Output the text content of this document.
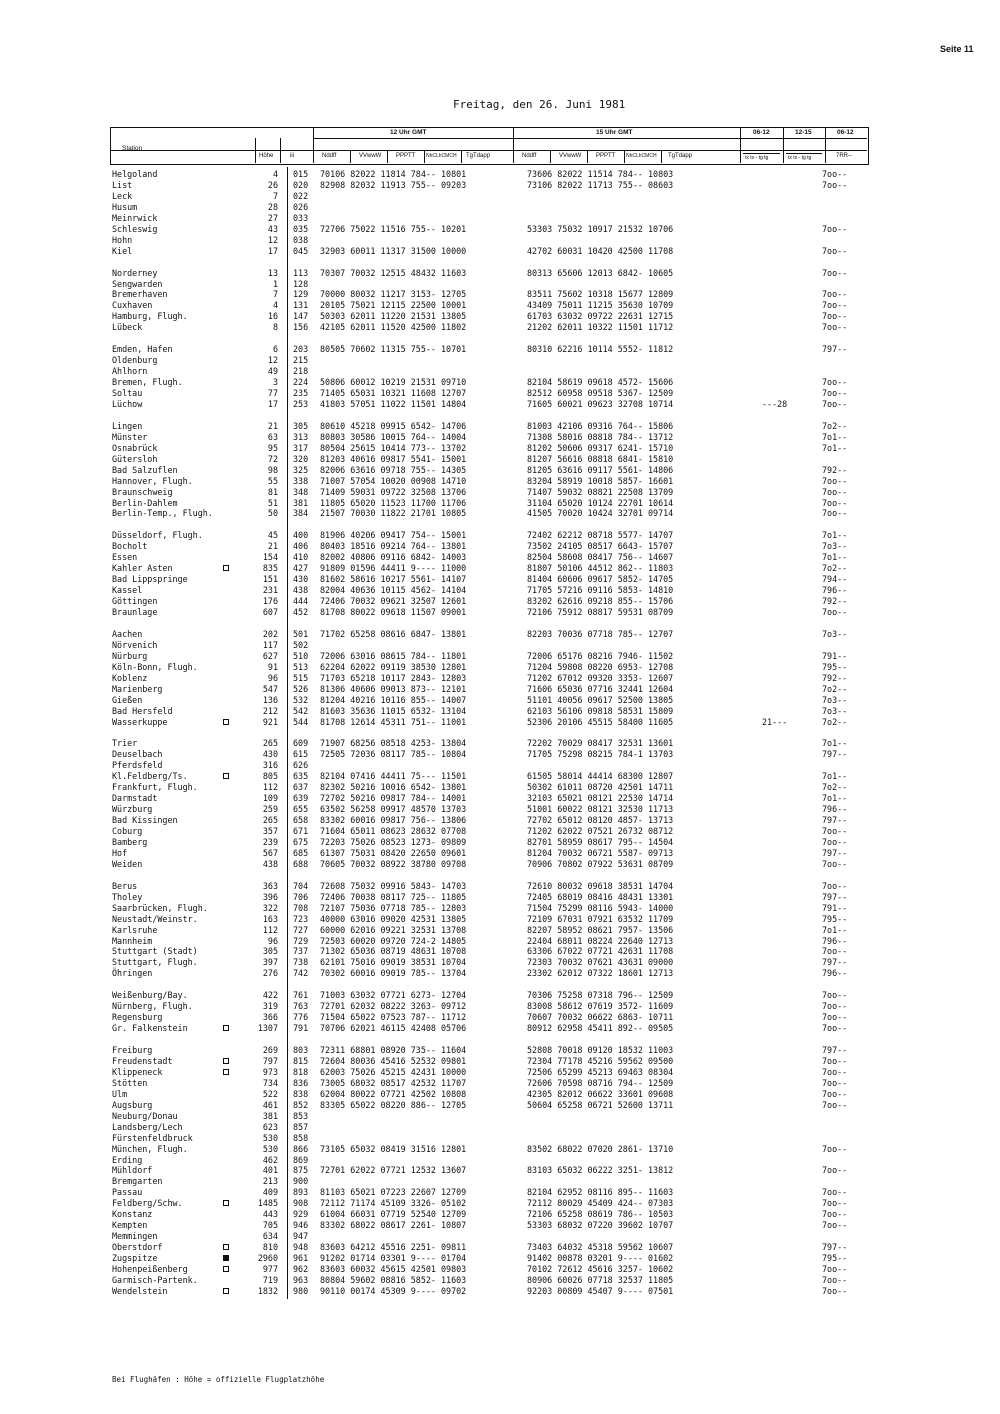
Seite 11
Freitag, den 26. Juni 1981
Station
Höhe	iii
12 Uhr GMT	15 Uhr GMT	06-12	12-15	06-12
Nddff	VVwwW PPPTT NhCLhCMCH TgTdapp	Nddff	VVwwW PPPTT NhCLhCMCH TgTdapp	tx tx - tg tg	tx tx - tg tg	7RR--
Helgoland	4 015 70106 82022 11814 784-- 10801	73606 82022 11514 784-- 10803	7oo--
List	26 020 82908 82032 11913 755-- 09203	73106 82022 11713 755-- 08603	7oo--
Leck	7 022
Husum	28 026
Meinrwick	27 033
Schleswig	43 035 72706 75022 11516 755-- 10201	53303 75032 10917 21532 10706	7oo--
Hohn	12 038
Kiel	17 045 32903 60011 11317 31500 10000	42702 60031 10420 42500 11708	7oo--
Norderney	13 113 70307 70032 12515 48432 11603	80313 65606 12013 6842- 10605	7oo--
Sengwarden	1 128
Bremerhaven	7 129 70000 80032 11217 3153- 12705	83511 75602 10318 15677 12809	7oo--
Cuxhaven	4 131 20105 75021 12115 22500 10001	43409 75011 11215 35630 10709	7oo--
Hamburg, Flugh.	16 147 50303 62011 11220 21531 13805	61703 63032 09722 22631 12715	7oo--
Lübeck	8 156 42105 62011 11520 42500 11802	21202 62011 10322 11501 11712	7oo--
Emden, Hafen	6 203 80505 70602 11315 755-- 10701	80310 62216 10114 5552- 11812	797--
Oldenburg	12 215
Ahlhorn	49 218
Bremen, Flugh.	3 224 50806 60012 10219 21531 09710	82104 58619 09618 4572- 15606	7oo--
Soltau	77 235 71405 65031 10321 11608 12707	82512 60958 09518 5367- 12509	7oo--
Lüchow	17 253 41803 57051 11022 11501 14804	71605 60021 09623 32708 10714	---28	7oo--
Lingen	21 305 80610 45218 09915 6542- 14706	81003 42106 09316 764-- 15806	7o2--
Münster	63 313 80803 30586 10015 764-- 14004	71308 58016 08818 784-- 13712	7o1--
Osnabrück	95 317 80504 25615 10414 773-- 13702	81202 50606 09317 6241- 15710	7o1--
Gütersloh	72 320 81203 40616 09817 5541- 15001	81207 56616 08818 6841- 15810
Bad Salzuflen	98 325 82006 63616 09718 755-- 14305	81205 63616 09117 5561- 14806	792--
Hannover, Flugh.	55 338 71007 57054 10020 00908 14710	83204 58919 10018 5857- 16601	7oo--
Braunschweig	81 348 71409 59031 09722 32508 13706	71407 59032 08821 22508 13709	7oo--
Berlin-Dahlem	51 381 11805 65020 11523 11700 11706	31104 65020 10124 22701 10614	7oo--
Berlin-Temp., Flugh.	50 384 21507 70030 11822 21701 10805	41505 70020 10424 32701 09714	7oo--
Düsseldorf, Flugh.	45 400 81906 40206 09417 754-- 15001	72402 62212 08718 5577- 14707	7o1--
Bocholt	21 406 80403 18516 09214 764-- 13801	73502 24105 08517 6643- 15707	7o3--
Essen	154 410 82002 40806 09116 6842- 14003	82504 58608 08417 756-- 14607	7o1--
Kahler Asten	835 427 91809 01596 44411 9---- 11000	81807 50106 44512 862-- 11803	7o2--
Bad Lippspringe	151 430 81602 58616 10217 5561- 14107	81404 60606 09617 5852- 14705	794--
Kassel	231 438 82004 40636 10115 4562- 14104	71705 57216 09116 5853- 14810	796--
Göttingen	176 444 72406 70032 09621 32507 12601	83202 62616 09218 855-- 15706	792--
Braunlage	607 452 81708 80022 09618 11507 09001	72106 75912 08817 59531 08709	7oo--
Aachen	202 501 71702 65258 08616 6847- 13801	82203 70036 07718 785-- 12707	7o3--
Nörvenich	117 502
Nürburg	627 510 72006 63016 08615 784-- 11801	72006 65176 08216 7946- 11502	791--
Köln-Bonn, Flugh.	91 513 62204 62022 09119 38530 12801	71204 59808 08220 6953- 12708	795--
Koblenz	96 515 71703 65218 10117 2843- 12803	71202 67012 09320 3353- 12607	792--
Marienberg	547 526 81306 40606 09013 873-- 12101	71606 65036 07716 32441 12604	7o2--
Gießen	136 532 81204 40216 10116 855-- 14007	51101 40056 09617 52500 13805	7o3--
Bad Hersfeld	212 542 81603 35636 11015 6532- 13104	62103 56106 09818 58531 15809	7o3--
Wasserkuppe	921 544 81708 12614 45311 751-- 11001	52306 20106 45515 58400 11605	21---	7o2--
Trier	265 609 71907 68256 08518 4253- 13804	72202 70029 08417 32531 13601	7o1--
Deuselbach	430 615 72505 72036 08117 785-- 10804	71705 75298 08215 784-1 13703	797--
Pferdsfeld	316 626
Kl.Feldberg/Ts.	805 635 82104 07416 44411 75--- 11501	61505 58014 44414 68300 12807	7o1--
Frankfurt, Flugh.	112 637 82302 50216 10016 6542- 13801	50302 61011 08720 42501 14711	7o2--
Darmstadt	109 639 72702 50216 09817 784-- 14001	32103 65021 08121 22530 14714	7o1--
Würzburg	259 655 63502 56258 09917 48570 13703	51001 60022 08121 32530 11713	796--
Bad Kissingen	265 658 83302 60016 09817 756-- 13806	72702 65012 08120 4857- 13713	797--
Coburg	357 671 71604 65011 08623 28632 07708	71202 62022 07521 26732 08712	7oo--
Bamberg	239 675 72203 75026 08523 1273- 09809	82701 58959 08617 795-- 14504	7oo--
Hof	567 685 61307 75031 08420 22650 09601	81204 70032 06721 5587- 09713	797--
Weiden	438 688 70605 70032 08922 38780 09708	70906 70802 07922 53631 08709	7oo--
Berus	363 704 72608 75032 09916 5843- 14703	72610 80032 09618 38531 14704	7oo--
Tholey	396 706 72406 70038 08117 725-- 11805	72405 68019 08416 48431 13301	797--
Saarbrücken, Flugh.	322 708 72107 75036 07718 785-- 12803	71504 75299 08116 5943- 14000	791--
Neustadt/Weinstr.	163 723 40000 63016 09020 42531 13805	72109 67031 07921 63532 11709	795--
Karlsruhe	112 727 60000 62016 09221 32531 13708	82207 58952 08621 7957- 13506	7o1--
Mannheim	96 729 72503 60020 09720 724-2 14805	22404 68011 08224 22640 12713	796--
Stuttgart (Stadt)	305 737 71302 65036 08719 48631 10708	63306 67022 07721 42631 11708	7oo--
Stuttgart, Flugh.	397 738 62101 75016 09019 38531 10704	72303 70032 07621 43631 09000	797--
Öhringen	276 742 70302 60016 09019 785-- 13704	23302 62012 07322 18601 12713	796--
Weißenburg/Bay.	422 761 71003 63032 07721 6273- 12704	70306 75258 07318 796-- 12509	7oo--
Nürnberg, Flugh.	319 763 72701 62032 08222 3263- 09712	83008 58612 07619 3572- 11609	7oo--
Regensburg	366 776 71504 65022 07523 787-- 11712	70607 70032 06622 6863- 10711	7oo--
Gr. Falkenstein	1307 791 70706 62021 46115 42408 05706	80912 62958 45411 892-- 09505	7oo--
Freiburg	269 803 72311 68801 08920 735-- 11604	52808 70018 09120 18532 11003	797--
Freudenstadt	797 815 72604 80036 45416 52532 09801	72304 77178 45216 59562 09500	7oo--
Klippeneck	973 818 62003 75026 45215 42431 10000	72506 65299 45213 69463 08304	7oo--
Stötten	734 836 73005 68032 08517 42532 11707	72606 70598 08716 794-- 12509	7oo--
Ulm	522 838 62004 80022 07721 42502 10808	42305 82012 06622 33601 09608	7oo--
Augsburg	461 852 83305 65022 08220 886-- 12705	50604 65258 06721 52600 13711	7oo--
Neuburg/Donau	381 853
Landsberg/Lech	623 857
Fürstenfeldbruck	530 858
München, Flugh.	530 866 73105 65032 08419 31516 12801	83502 68022 07020 2861- 13710	7oo--
Erding	462 869
Mühldorf	401 875 72701 62022 07721 12532 13607	83103 65032 06222 3251- 13812	7oo--
Bremgarten	213 900
Passau	409 893 81103 65021 07223 22607 12709	82104 62952 08116 895-- 11603	7oo--
Feldberg/Schw.	1485 908 72112 71174 45109 3326- 05102	72112 80029 45409 424-- 07303	7oo--
Konstanz	443 929 61004 66031 07719 52540 12709	72106 65258 08619 786-- 10503	7oo--
Kempten	705 946 83302 68022 08617 2261- 10807	53303 68032 07220 39602 10707	7oo--
Memmingen	634 947
Oberstdorf	810 948 83603 64212 45516 2251- 09811	73403 64032 45318 59562 10607	797--
Zugspitze	2960 961 91202 01714 03301 9---- 01704	91402 00878 03201 9---- 01602	795--
Hohenpeißenberg	977 962 83603 60032 45615 42501 09803	70102 72612 45616 3257- 10602	7oo--
Garmisch-Partenk.	719 963 80804 59602 08816 5852- 11603	80906 60026 07718 32537 11805	7oo--
Wendelstein	1832 980 90110 00174 45309 9---- 09702	92203 00809 45407 9---- 07501	7oo--
Bei Flughäfen : Höhe = offizielle Flugplatzhöhe
